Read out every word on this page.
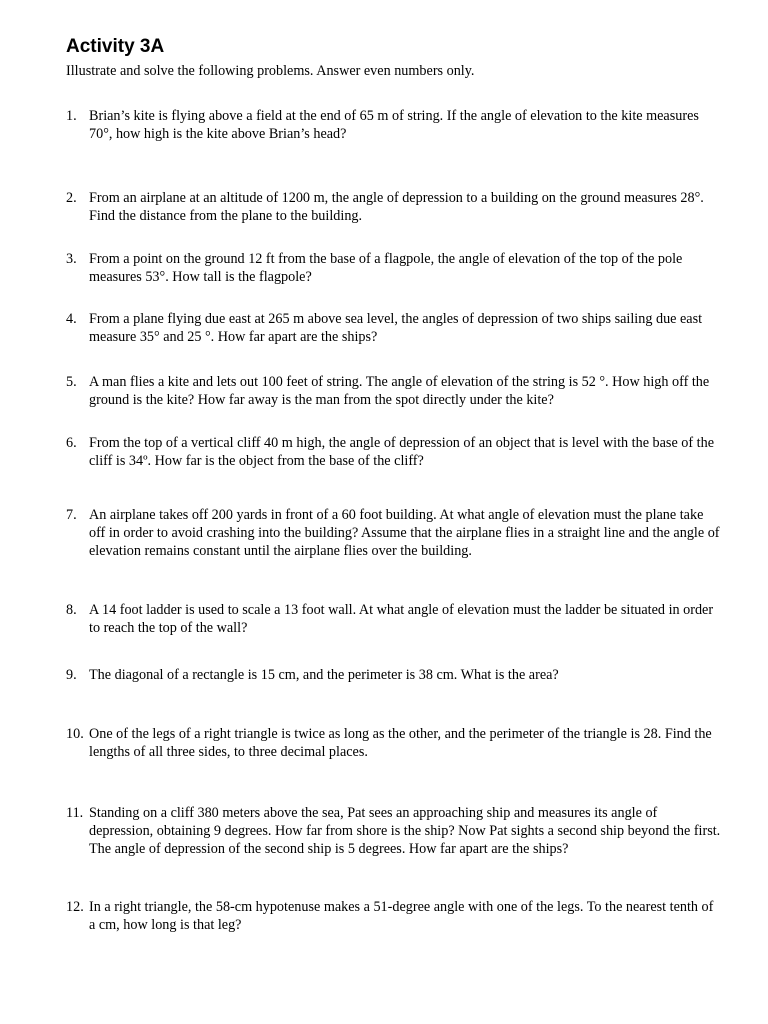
Activity 3A

Illustrate and solve the following problems. Answer even numbers only.

1. Brian’s kite is flying above a field at the end of 65 m of string. If the angle of elevation to the kite measures 70°, how high is the kite above Brian’s head?
2. From an airplane at an altitude of 1200 m, the angle of depression to a building on the ground measures 28°. Find the distance from the plane to the building.
3. From a point on the ground 12 ft from the base of a flagpole, the angle of elevation of the top of the pole measures 53°. How tall is the flagpole?
4. From a plane flying due east at 265 m above sea level, the angles of depression of two ships sailing due east measure 35° and 25 °. How far apart are the ships?
5. A man flies a kite and lets out 100 feet of string. The angle of elevation of the string is 52 °. How high off the ground is the kite? How far away is the man from the spot directly under the kite?
6. From the top of a vertical cliff 40 m high, the angle of depression of an object that is level with the base of the cliff is 34º. How far is the object from the base of the cliff?
7. An airplane takes off 200 yards in front of a 60 foot building. At what angle of elevation must the plane take off in order to avoid crashing into the building? Assume that the airplane flies in a straight line and the angle of elevation remains constant until the airplane flies over the building.
8. A 14 foot ladder is used to scale a 13 foot wall. At what angle of elevation must the ladder be situated in order to reach the top of the wall?
9. The diagonal of a rectangle is 15 cm, and the perimeter is 38 cm. What is the area?
10. One of the legs of a right triangle is twice as long as the other, and the perimeter of the triangle is 28. Find the lengths of all three sides, to three decimal places.
11. Standing on a cliff 380 meters above the sea, Pat sees an approaching ship and measures its angle of depression, obtaining 9 degrees. How far from shore is the ship? Now Pat sights a second ship beyond the first. The angle of depression of the second ship is 5 degrees. How far apart are the ships?
12. In a right triangle, the 58-cm hypotenuse makes a 51-degree angle with one of the legs. To the nearest tenth of a cm, how long is that leg?
